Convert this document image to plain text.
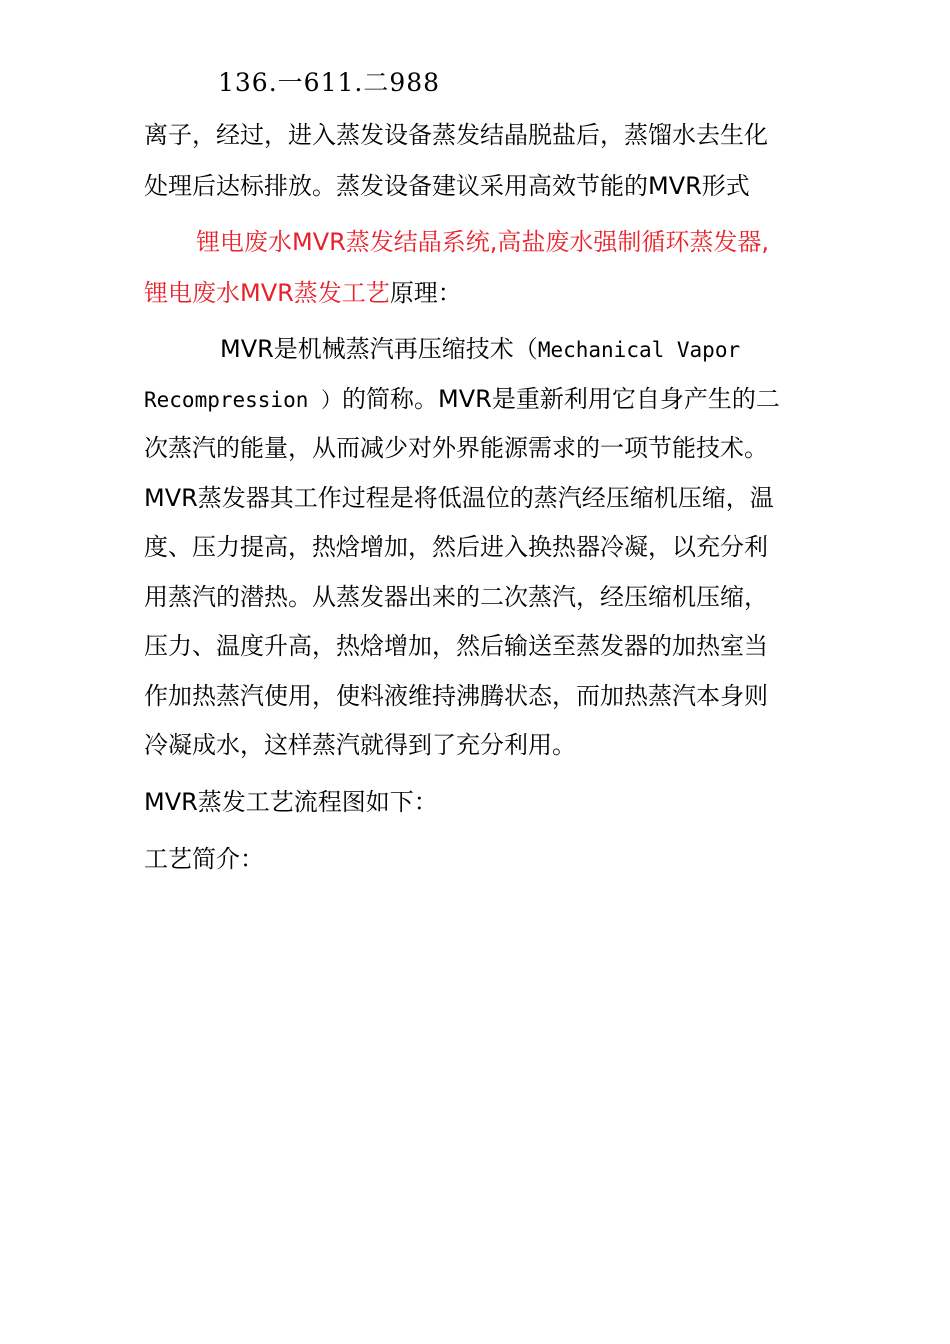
136.一611.二988
离子，经过，进入蒸发设备蒸发结晶脱盐后，蒸馏水去生化
处理后达标排放。蒸发设备建议采用高效节能的MVR形式
锂电废水MVR蒸发结晶系统,高盐废水强制循环蒸发器,
锂电废水MVR蒸发工艺原理：
MVR是机械蒸汽再压缩技术（Mechanical Vapor
Recompression ）的简称。MVR是重新利用它自身产生的二
次蒸汽的能量，从而减少对外界能源需求的一项节能技术。
MVR蒸发器其工作过程是将低温位的蒸汽经压缩机压缩，温
度、压力提高，热焓增加，然后进入换热器冷凝，以充分利
用蒸汽的潜热。从蒸发器出来的二次蒸汽，经压缩机压缩，
压力、温度升高，热焓增加，然后输送至蒸发器的加热室当
作加热蒸汽使用，使料液维持沸腾状态，而加热蒸汽本身则
冷凝成水，这样蒸汽就得到了充分利用。
MVR蒸发工艺流程图如下：
工艺简介：
